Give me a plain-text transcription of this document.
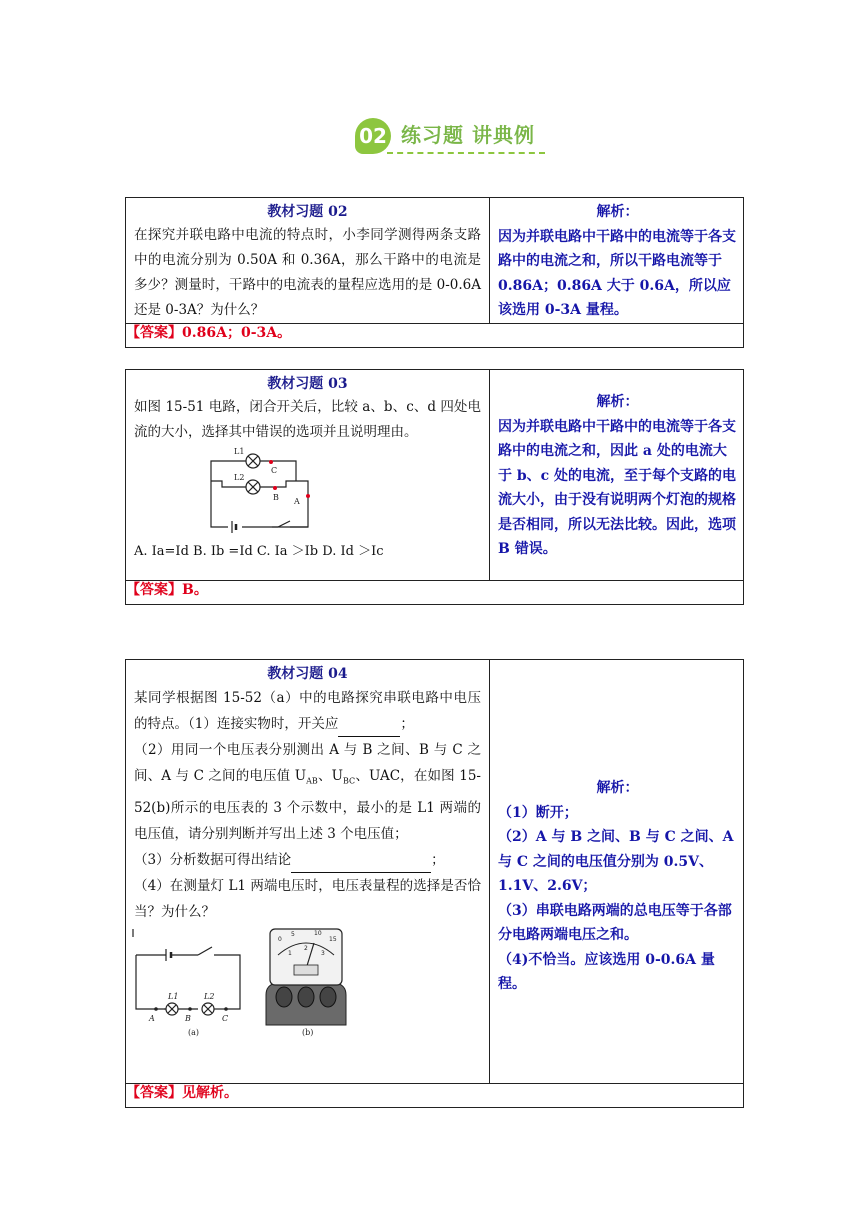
02 练习题 讲典例
教材习题 02
在探究并联电路中电流的特点时，小李同学测得两条支路中的电流分别为 0.50A 和 0.36A，那么干路中的电流是多少？测量时，干路中的电流表的量程应选用的是 0-0.6A 还是 0-3A？为什么？

解析：
因为并联电路中干路中的电流等于各支路中的电流之和，所以干路电流等于 0.86A；0.86A 大于 0.6A，所以应该选用 0-3A 量程。

【答案】0.86A；0-3A。
教材习题 03
如图 15-51 电路，闭合开关后，比较 a、b、c、d 四处电流的大小，选择其中错误的选项并且说明理由。
L1
L2
C
B A
A. Ia=Id B. Ib =Id C. Ia ＞Ib D. Id ＞Ic

解析：
因为并联电路中干路中的电流等于各支路中的电流之和，因此 a 处的电流大于 b、c 处的电流，至于每个支路的电流大小，由于没有说明两个灯泡的规格是否相同，所以无法比较。因此，选项 B 错误。

【答案】B。
教材习题 04
某同学根据图 15-52（a）中的电路探究串联电路中电压的特点。（1）连接实物时，开关应	；
（2）用同一个电压表分别测出 A 与 B 之间、B 与 C 之间、A 与 C 之间的电压值 $U_{AB}$、$U_{BC}$、UAC，在如图 15-52(b)所示的电压表的 3 个示数中，最小的是 L1 两端的电压值，请分别判断并写出上述 3 个电压值；
（3）分析数据可得出结论	；
（4）在测量灯 L1 两端电压时，电压表量程的选择是否恰当？为什么？
L1	L2
A	B	C
(a)	(b)
0
5	10
15
1
2
3

解析：
（1）断开；
（2）A 与 B 之间、B 与 C 之间、A 与 C 之间的电压值分别为 0.5V、1.1V、2.6V；
（3）串联电路两端的总电压等于各部分电路两端电压之和。
（4)不恰当。应该选用 0-0.6A 量程。

【答案】见解析。
